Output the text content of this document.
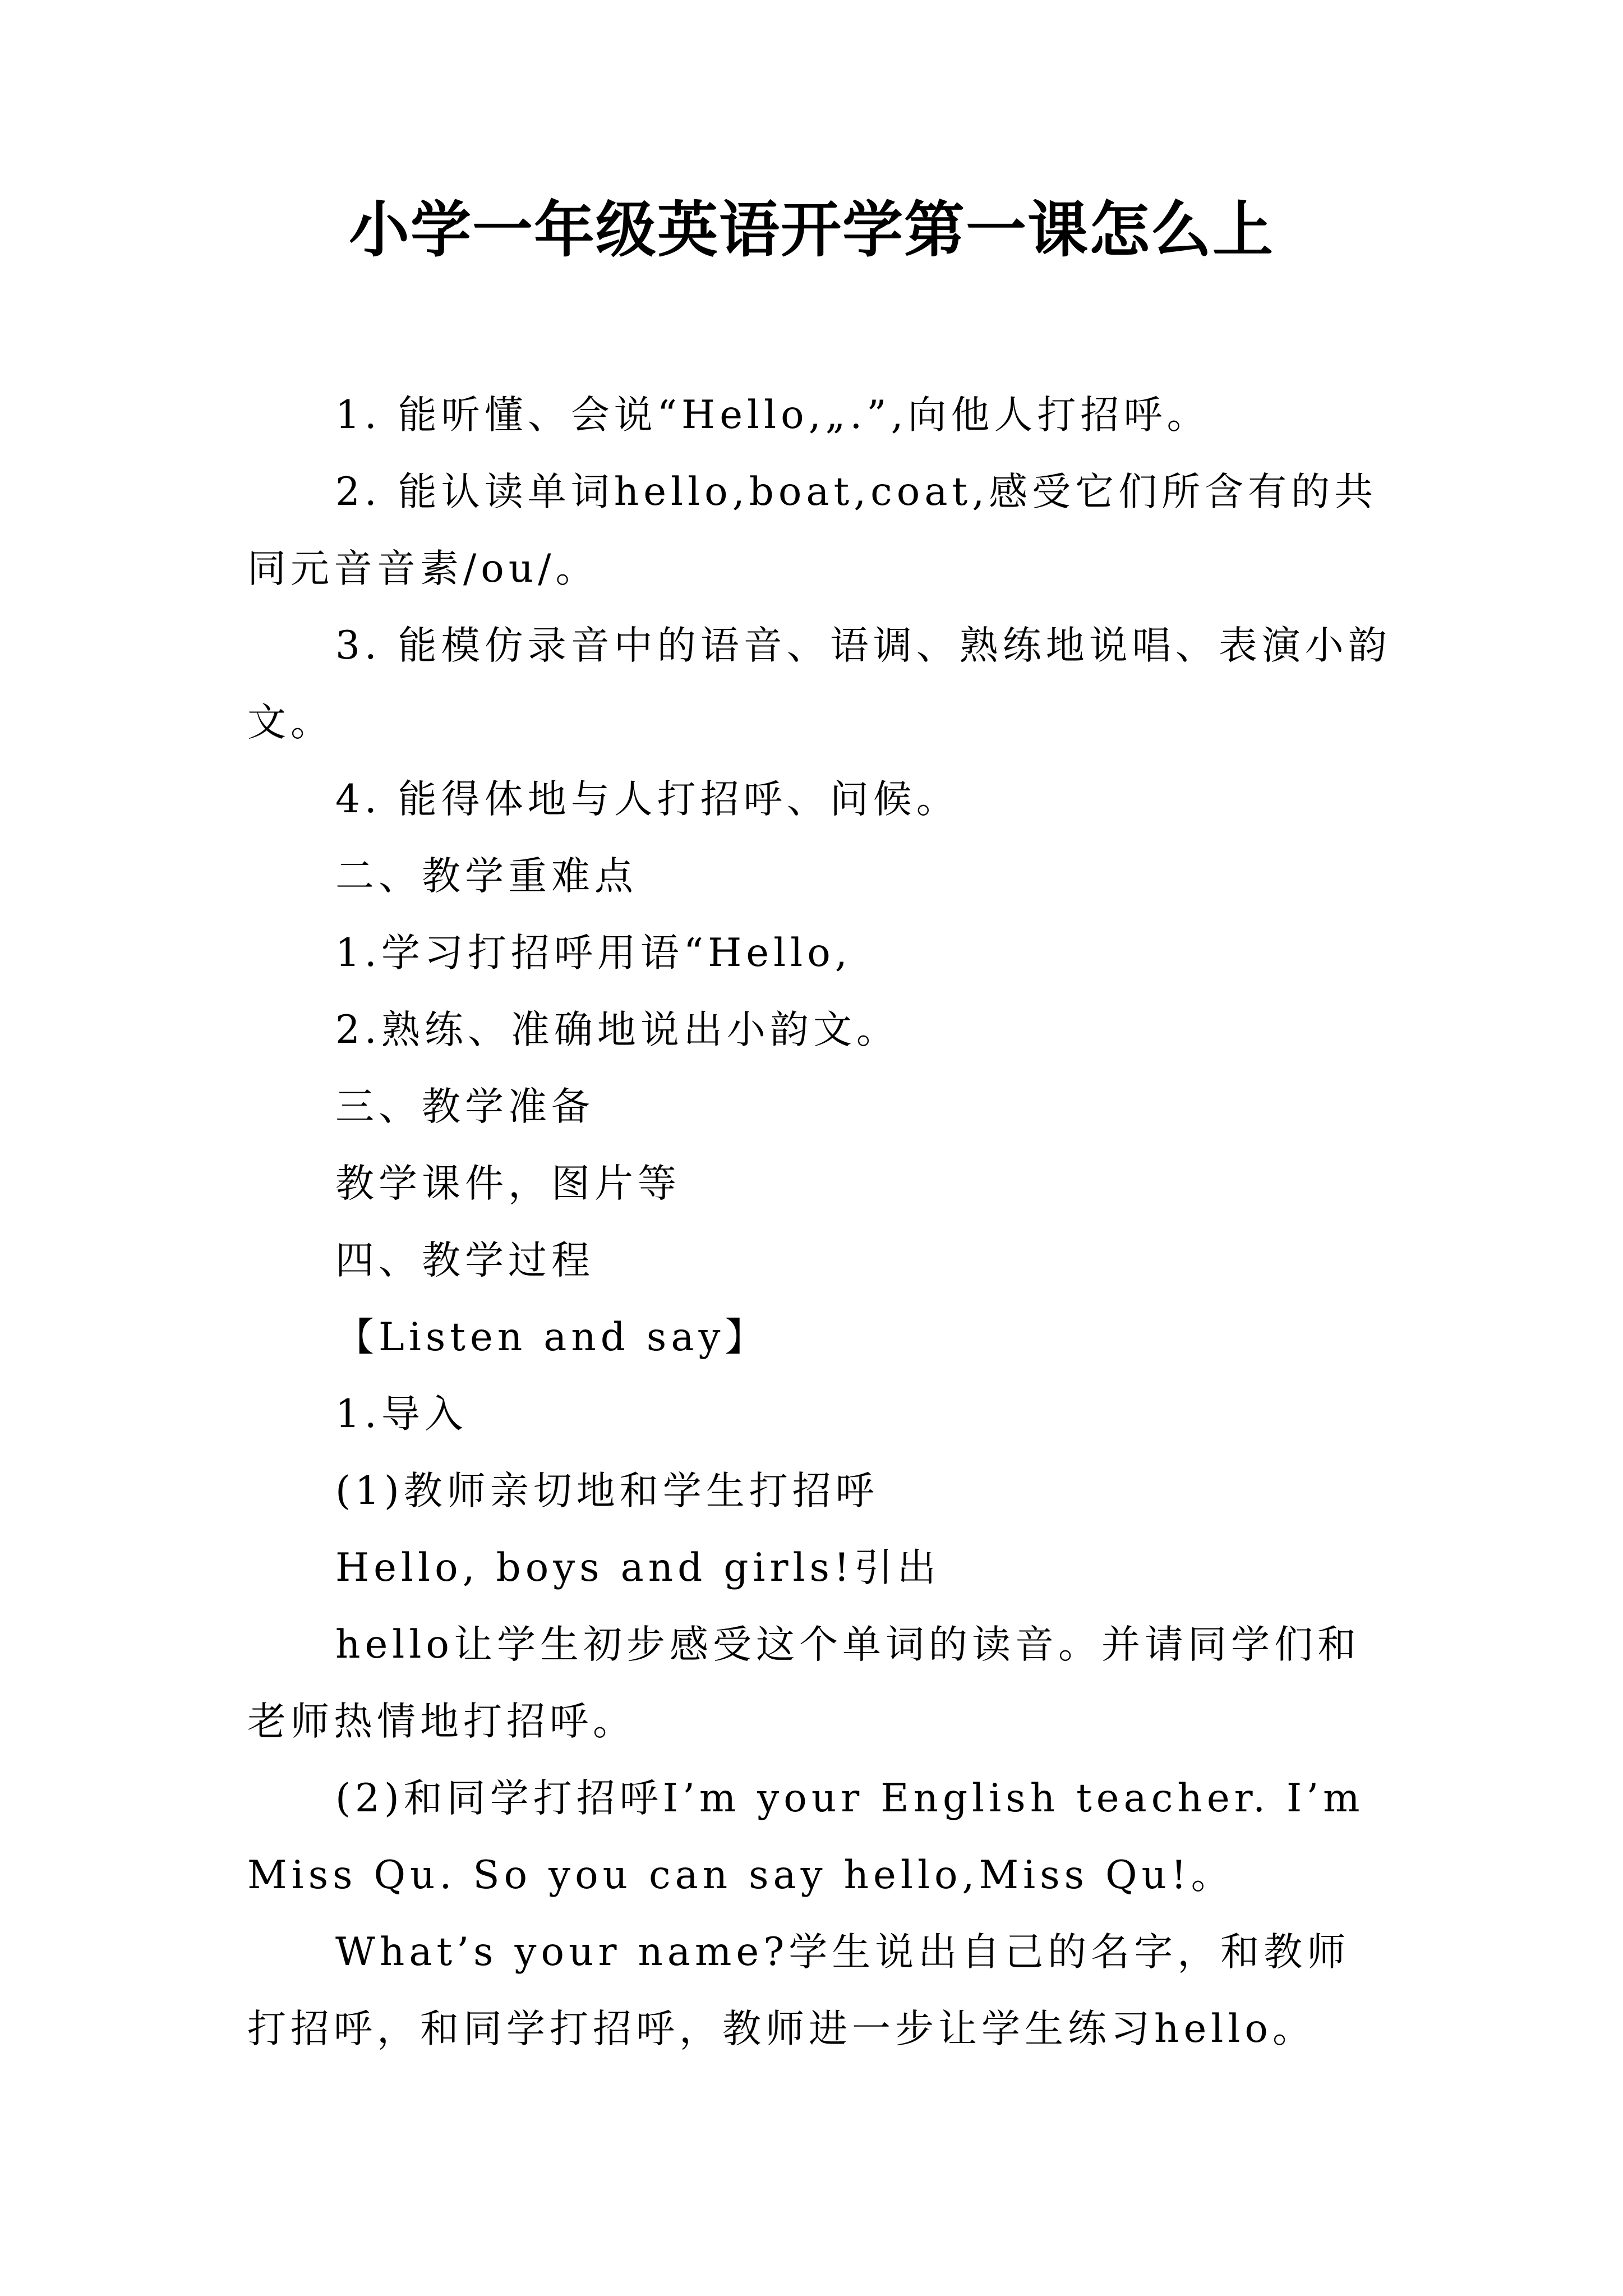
小学一年级英语开学第一课怎么上

1. 能听懂、会说“Hello,„.”,向他人打招呼。

2. 能认读单词hello,boat,coat,感受它们所含有的共同元音音素/ou/。

3. 能模仿录音中的语音、语调、熟练地说唱、表演小韵文。

4. 能得体地与人打招呼、问候。

二、教学重难点

1.学习打招呼用语“Hello,

2.熟练、准确地说出小韵文。

三、教学准备

教学课件，图片等

四、教学过程

【Listen and say】

1.导入

(1)教师亲切地和学生打招呼

Hello, boys and girls!引出

hello让学生初步感受这个单词的读音。并请同学们和老师热情地打招呼。

(2)和同学打招呼I’m your English teacher. I’m Miss Qu. So you can say hello,Miss Qu!。

What’s your name?学生说出自己的名字，和教师打招呼，和同学打招呼，教师进一步让学生练习hello。
